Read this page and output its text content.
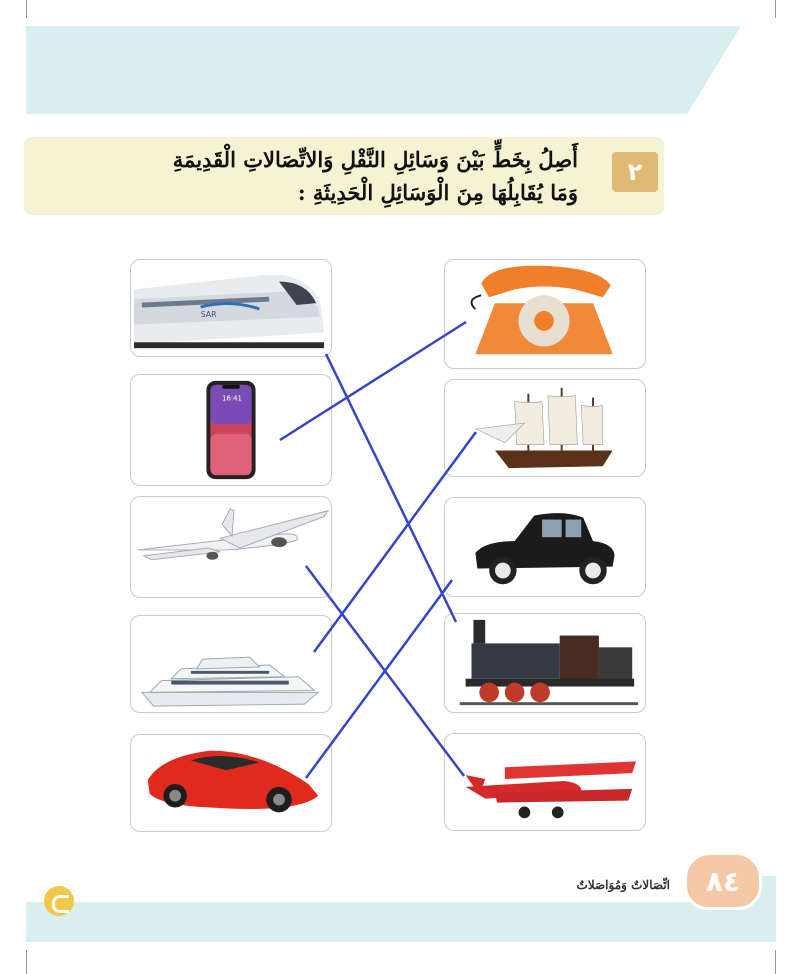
٢
أَصِلُ بِخَطٍّ بَيْنَ وَسَائِلِ النَّقْلِ وَالاتِّصَالاتِ الْقَدِيمَةِ
وَمَا يُقَابِلُهَا مِنَ الْوَسَائِلِ الْحَدِيثَةِ :
SAR
16:41
اتِّصَالاتٌ وَمُوَاصَلاتٌ	٨٤
